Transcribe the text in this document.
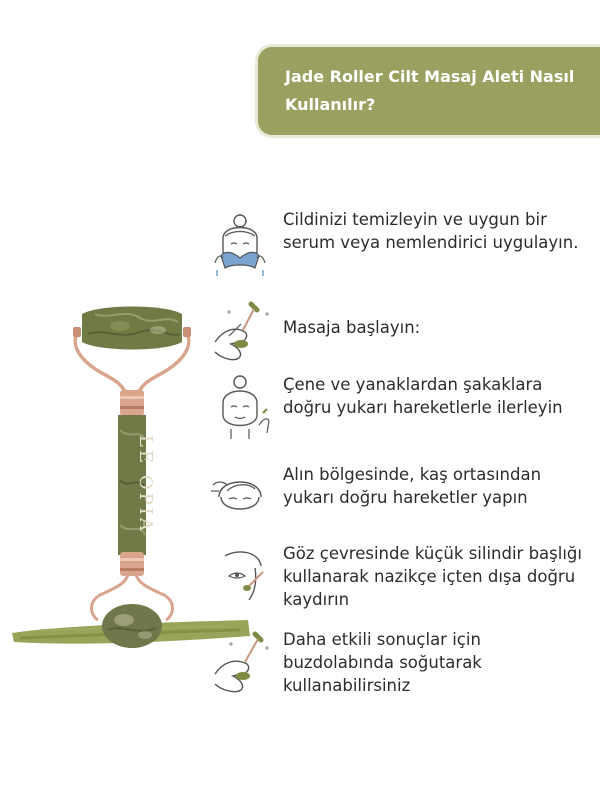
Jade Roller Cilt Masaj Aleti Nasıl Kullanılır?
LE OPIA
Cildinizi temizleyin ve uygun bir serum veya nemlendirici uygulayın.
Masaja başlayın:
Çene ve yanaklardan şakaklara doğru yukarı hareketlerle ilerleyin
Alın bölgesinde, kaş ortasından yukarı doğru hareketler yapın
Göz çevresinde küçük silindir başlığı kullanarak nazikçe içten dışa doğru kaydırın
Daha etkili sonuçlar için buzdolabında soğutarak kullanabilirsiniz
